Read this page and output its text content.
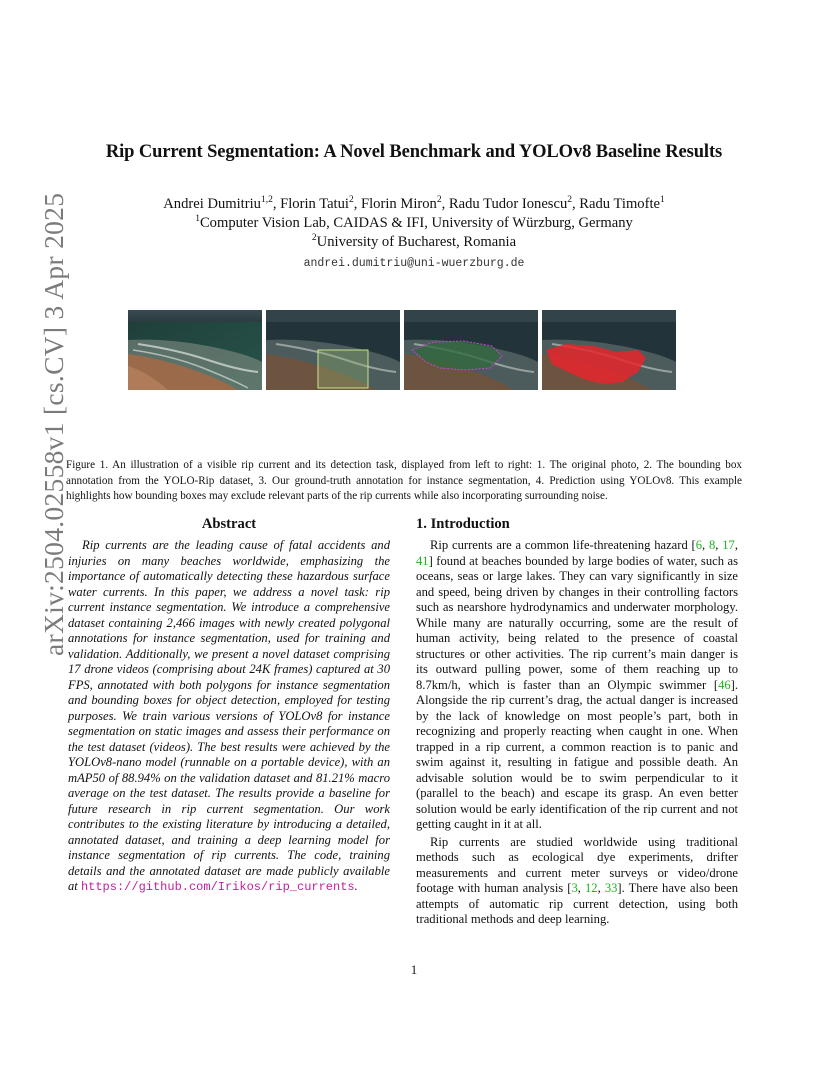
arXiv:2504.02558v1 [cs.CV] 3 Apr 2025
Rip Current Segmentation: A Novel Benchmark and YOLOv8 Baseline Results
Andrei Dumitriu$^{1,2}$, Florin Tatui$^2$, Florin Miron$^2$, Radu Tudor Ionescu$^2$, Radu Timofte$^1$
$^1$Computer Vision Lab, CAIDAS & IFI, University of Würzburg, Germany
$^2$University of Bucharest, Romania
andrei.dumitriu@uni-wuerzburg.de
Figure 1. An illustration of a visible rip current and its detection task, displayed from left to right: 1. The original photo, 2. The bounding box annotation from the YOLO-Rip dataset, 3. Our ground-truth annotation for instance segmentation, 4. Prediction using YOLOv8. This example highlights how bounding boxes may exclude relevant parts of the rip currents while also incorporating surrounding noise.
Abstract
Rip currents are the leading cause of fatal accidents and injuries on many beaches worldwide, emphasizing the importance of automatically detecting these hazardous surface water currents. In this paper, we address a novel task: rip current instance segmentation. We introduce a comprehensive dataset containing 2,466 images with newly created polygonal annotations for instance segmentation, used for training and validation. Additionally, we present a novel dataset comprising 17 drone videos (comprising about 24K frames) captured at 30 FPS, annotated with both polygons for instance segmentation and bounding boxes for object detection, employed for testing purposes. We train various versions of YOLOv8 for instance segmentation on static images and assess their performance on the test dataset (videos). The best results were achieved by the YOLOv8-nano model (runnable on a portable device), with an mAP50 of 88.94% on the validation dataset and 81.21% macro average on the test dataset. The results provide a baseline for future research in rip current segmentation. Our work contributes to the existing literature by introducing a detailed, annotated dataset, and training a deep learning model for instance segmentation of rip currents. The code, training details and the annotated dataset are made publicly available at https://github.com/Irikos/rip_currents.
1. Introduction

Rip currents are a common life-threatening hazard [6, 8, 17, 41] found at beaches bounded by large bodies of water, such as oceans, seas or large lakes. They can vary significantly in size and speed, being driven by changes in their controlling factors such as nearshore hydrodynamics and underwater morphology. While many are naturally occurring, some are the result of human activity, being related to the presence of coastal structures or other activities. The rip current’s main danger is its outward pulling power, some of them reaching up to 8.7km/h, which is faster than an Olympic swimmer [46]. Alongside the rip current’s drag, the actual danger is increased by the lack of knowledge on most people’s part, both in recognizing and properly reacting when caught in one. When trapped in a rip current, a common reaction is to panic and swim against it, resulting in fatigue and possible death. An advisable solution would be to swim perpendicular to it (parallel to the beach) and escape its grasp. An even better solution would be early identification of the rip current and not getting caught in it at all.

Rip currents are studied worldwide using traditional methods such as ecological dye experiments, drifter measurements and current meter surveys or video/drone footage with human analysis [3, 12, 33]. There have also been attempts of automatic rip current detection, using both traditional methods and deep learning.

1
